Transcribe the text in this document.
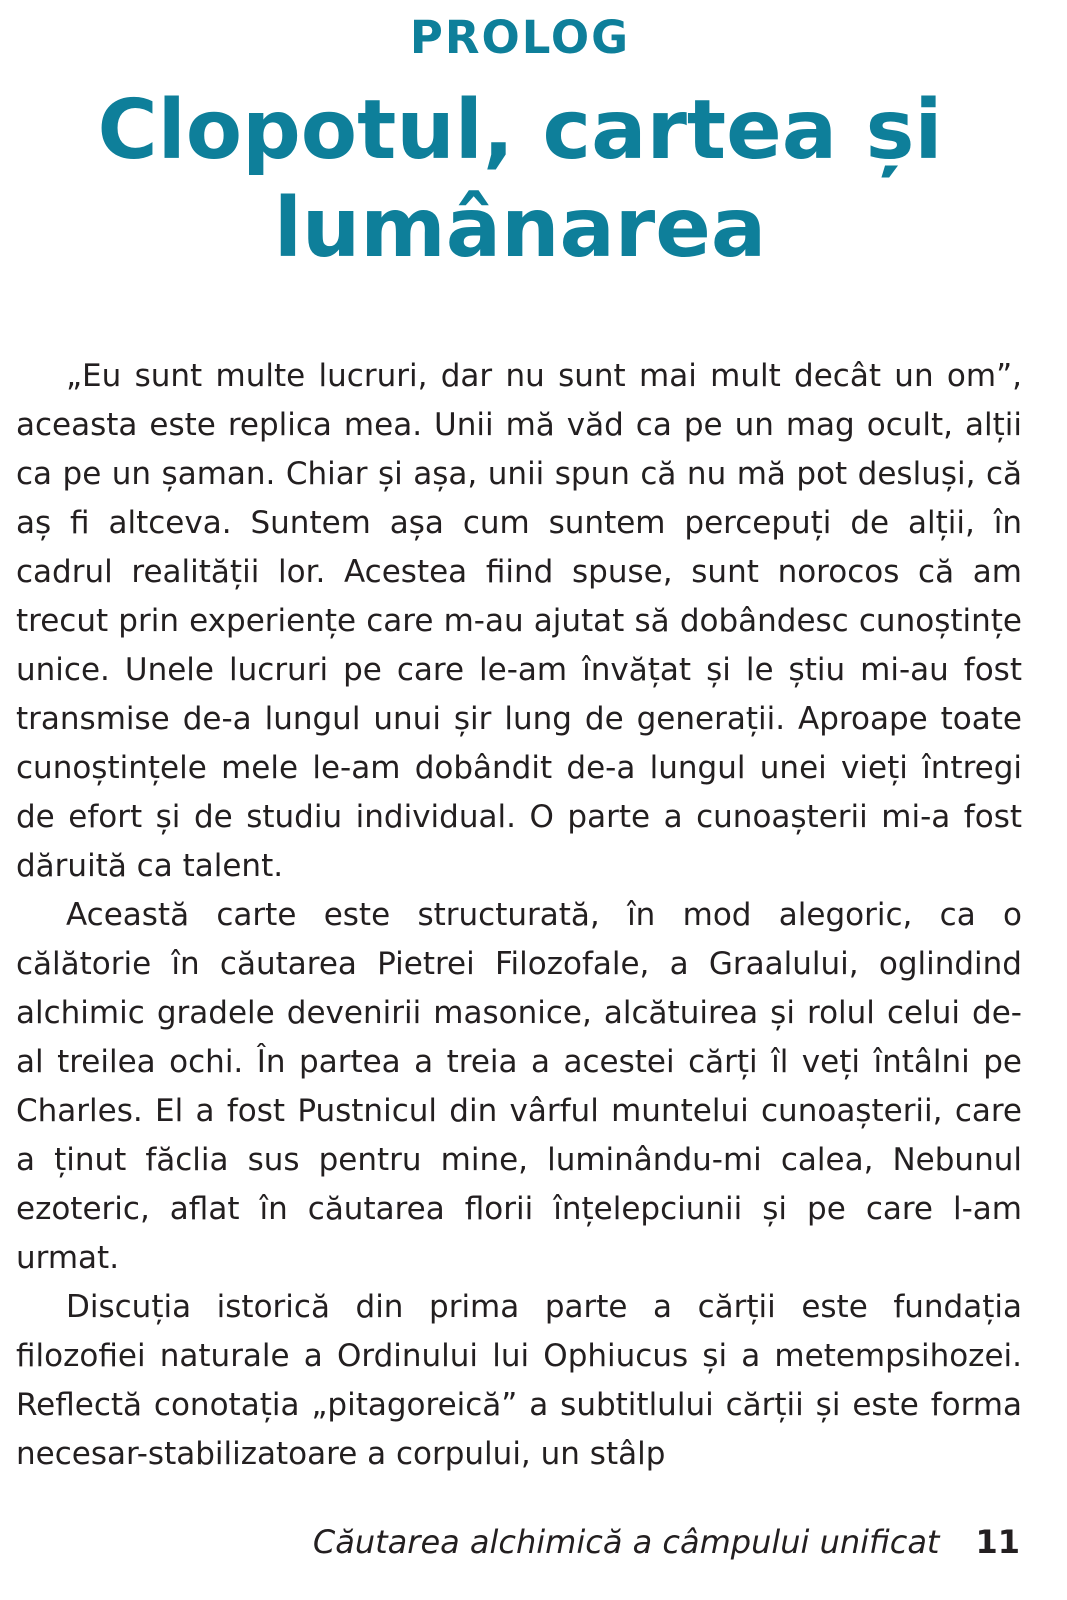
PROLOG
Clopotul, cartea și lumânarea

„Eu sunt multe lucruri, dar nu sunt mai mult decât un om”, aceasta este replica mea. Unii mă văd ca pe un mag ocult, alții ca pe un șaman. Chiar și așa, unii spun că nu mă pot desluși, că aș fi altceva. Suntem așa cum suntem percepuți de alții, în cadrul realității lor. Acestea fiind spuse, sunt norocos că am trecut prin experiențe care m-au ajutat să dobândesc cunoștințe unice. Unele lucruri pe care le-am învățat și le știu mi-au fost transmise de-a lungul unui șir lung de generații. Aproape toate cunoștințele mele le-am dobândit de-a lungul unei vieți întregi de efort și de studiu individual. O parte a cunoașterii mi-a fost dăruită ca talent.

Această carte este structurată, în mod alegoric, ca o călătorie în căutarea Pietrei Filozofale, a Graalului, oglindind alchimic gradele devenirii masonice, alcătuirea și rolul celui de-al treilea ochi. În partea a treia a acestei cărți îl veți întâlni pe Charles. El a fost Pustnicul din vârful muntelui cunoașterii, care a ținut făclia sus pentru mine, luminându-mi calea, Nebunul ezoteric, aflat în căutarea florii înțelepciunii și pe care l-am urmat.

Discuția istorică din prima parte a cărții este fundația filozofiei naturale a Ordinului lui Ophiucus și a metempsihozei. Reflectă conotația „pitagoreică” a subtitlului cărții și este forma necesar-stabilizatoare a corpului, un stâlp

Căutarea alchimică a câmpului unificat 11
